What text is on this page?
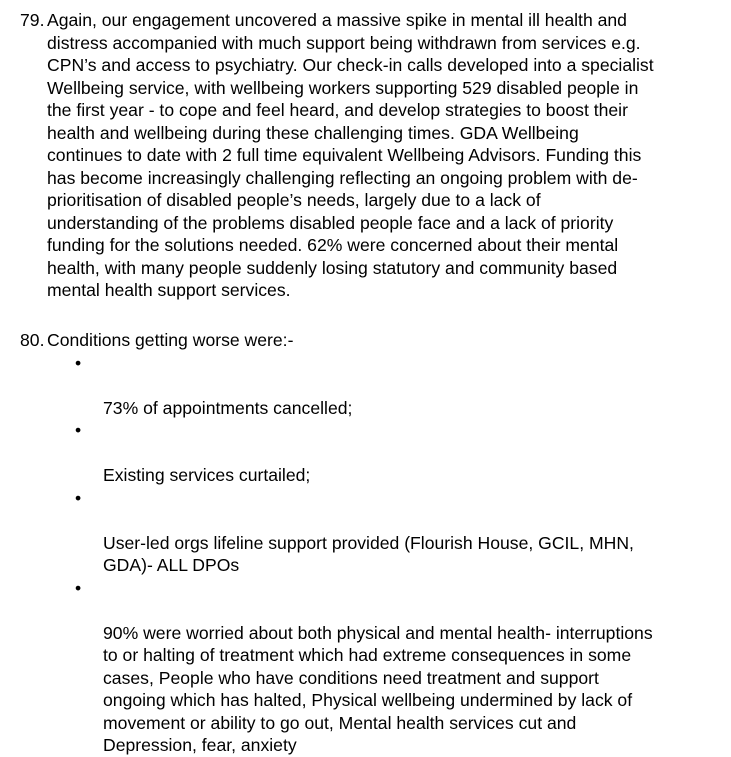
79. Again, our engagement uncovered a massive spike in mental ill health and
distress accompanied with much support being withdrawn from services e.g.
CPN’s and access to psychiatry. Our check-in calls developed into a specialist
Wellbeing service, with wellbeing workers supporting 529 disabled people in
the first year - to cope and feel heard, and develop strategies to boost their
health and wellbeing during these challenging times. GDA Wellbeing
continues to date with 2 full time equivalent Wellbeing Advisors. Funding this
has become increasingly challenging reflecting an ongoing problem with de-
prioritisation of disabled people’s needs, largely due to a lack of
understanding of the problems disabled people face and a lack of priority
funding for the solutions needed. 62% were concerned about their mental
health, with many people suddenly losing statutory and community based
mental health support services.
80. Conditions getting worse were:-

•

73% of appointments cancelled;

•

Existing services curtailed;

•

User-led orgs lifeline support provided (Flourish House, GCIL, MHN,
GDA)- ALL DPOs

•

90% were worried about both physical and mental health- interruptions
to or halting of treatment which had extreme consequences in some
cases, People who have conditions need treatment and support
ongoing which has halted, Physical wellbeing undermined by lack of
movement or ability to go out, Mental health services cut and
Depression, fear, anxiety
